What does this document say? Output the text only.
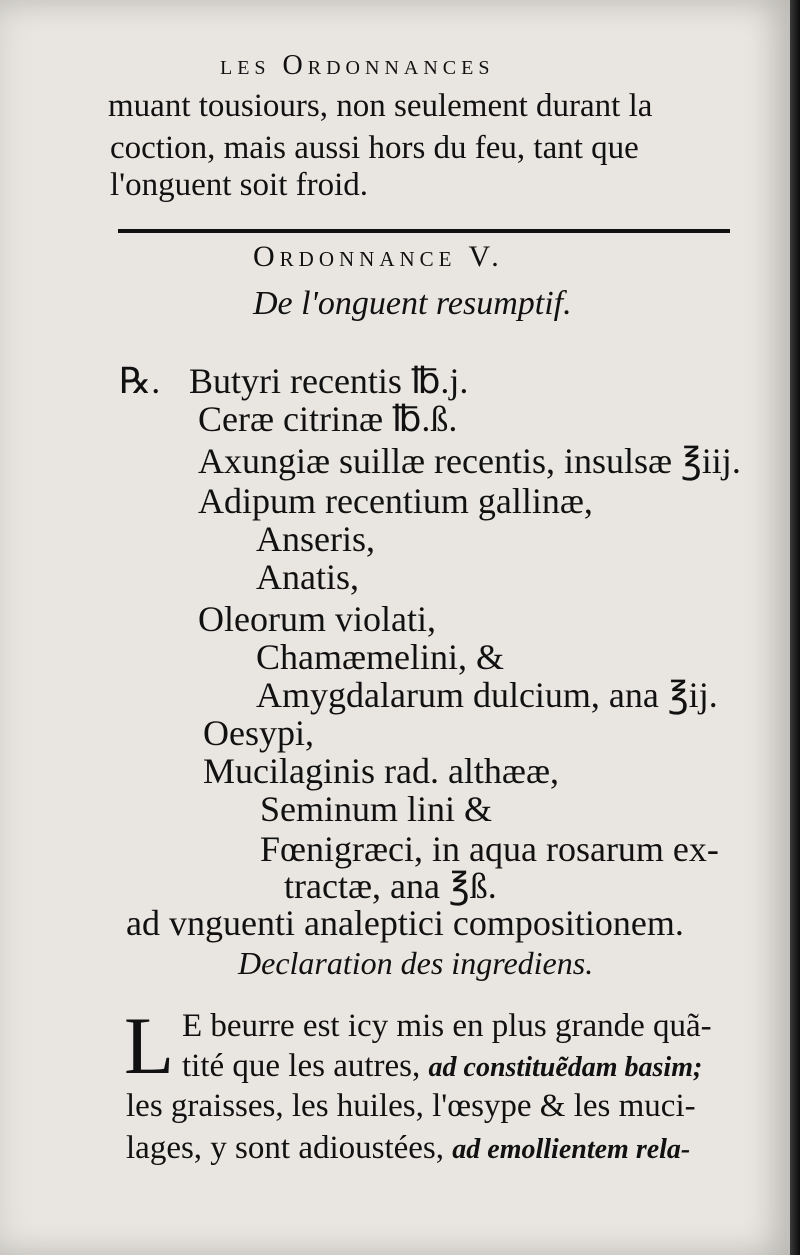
les Ordonnances
muant tousiours, non seulement durant la
coction, mais aussi hors du feu, tant que
l'onguent soit froid.
Ordonnance V.
De l'onguent resumptif.
℞. Butyri recentis ℔.j.
Ceræ citrinæ ℔.ß.
Axungiæ suillæ recentis, insulsæ ℥iij.
Adipum recentium gallinæ,
Anseris,
Anatis,
Oleorum violati,
Chamæmelini, &
Amygdalarum dulcium, ana ℥ij.
Oesypi,
Mucilaginis rad. althææ,
Seminum lini &
Fœnigræci, in aqua rosarum ex-
tractæ, ana ℥ß.
ad vnguenti analeptici compositionem.
Declaration des ingrediens.
L E beurre est icy mis en plus grande quã-
tité que les autres, ad constituẽdam basim;
les graisses, les huiles, l'œsype & les muci-
lages, y sont adioustées, ad emollientem rela-
